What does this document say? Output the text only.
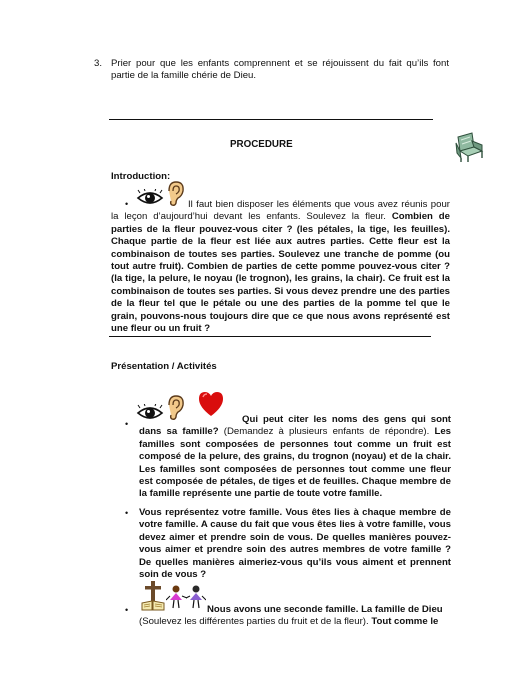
3. Prier pour que les enfants comprennent et se réjouissent du fait qu’ils font partie de la famille chérie de Dieu.
PROCEDURE
Introduction:
•	Il faut bien disposer les éléments que vous avez réunis pour la leçon d’aujourd’hui devant les enfants. Soulevez la fleur. Combien de parties de la fleur pouvez-vous citer ? (les pétales, la tige, les feuilles). Chaque partie de la fleur est liée aux autres parties. Cette fleur est la combinaison de toutes ses parties. Soulevez une tranche de pomme (ou tout autre fruit). Combien de parties de cette pomme pouvez-vous citer ? (la tige, la pelure, le noyau (le trognon), les grains, la chair). Ce fruit est la combinaison de toutes ses parties. Si vous devez prendre une des parties de la fleur tel que le pétale ou une des parties de la pomme tel que le grain, pouvons-nous toujours dire que ce que nous avons représenté est une fleur ou un fruit ?
Présentation / Activités
•	Qui peut citer les noms des gens qui sont dans sa famille? (Demandez à plusieurs enfants de répondre). Les familles sont composées de personnes tout comme un fruit est composé de la pelure, des grains, du trognon (noyau) et de la chair. Les familles sont composées de personnes tout comme une fleur est composée de pétales, de tiges et de feuilles. Chaque membre de la famille représente une partie de toute votre famille.
• Vous représentez votre famille. Vous êtes lies à chaque membre de votre famille. A cause du fait que vous êtes lies à votre famille, vous devez aimer et prendre soin de vous. De quelles manières pouvez-vous aimer et prendre soin des autres membres de votre famille ? De quelles manières aimeriez-vous qu’ils vous aiment et prennent soin de vous ?
•	Nous avons une seconde famille. La famille de Dieu
(Soulevez les différentes parties du fruit et de la fleur). Tout comme le
